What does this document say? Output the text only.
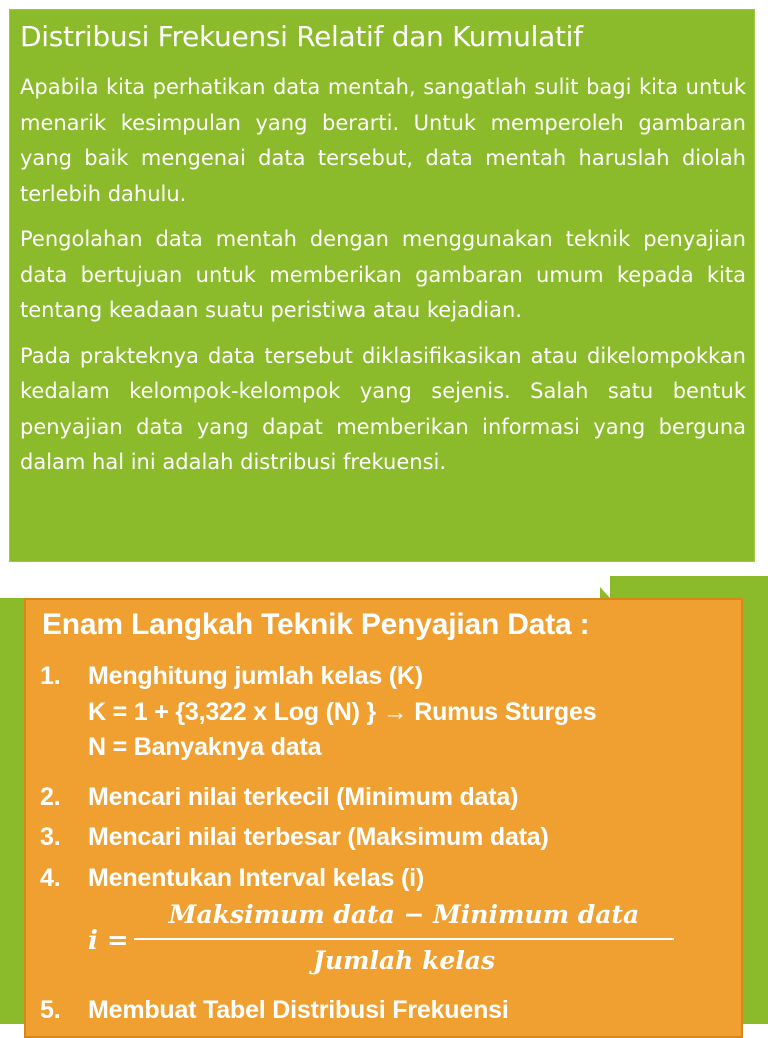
Distribusi Frekuensi Relatif dan Kumulatif

Apabila kita perhatikan data mentah, sangatlah sulit bagi kita untuk menarik kesimpulan yang berarti. Untuk memperoleh gambaran yang baik mengenai data tersebut, data mentah haruslah diolah terlebih dahulu.

Pengolahan data mentah dengan menggunakan teknik penyajian data bertujuan untuk memberikan gambaran umum kepada kita tentang keadaan suatu peristiwa atau kejadian.

Pada prakteknya data tersebut diklasifikasikan atau dikelompokkan kedalam kelompok-kelompok yang sejenis. Salah satu bentuk penyajian data yang dapat memberikan informasi yang berguna dalam hal ini adalah distribusi frekuensi.

Enam Langkah Teknik Penyajian Data :
1. Menghitung jumlah kelas (K)
K = 1 + {3,322 x Log (N) } → Rumus Sturges
N = Banyaknya data
2. Mencari nilai terkecil (Minimum data)
3. Mencari nilai terbesar (Maksimum data)
4. Menentukan Interval kelas (i)
i =
Maksimum data − Minimum data
Jumlah kelas
5. Membuat Tabel Distribusi Frekuensi
